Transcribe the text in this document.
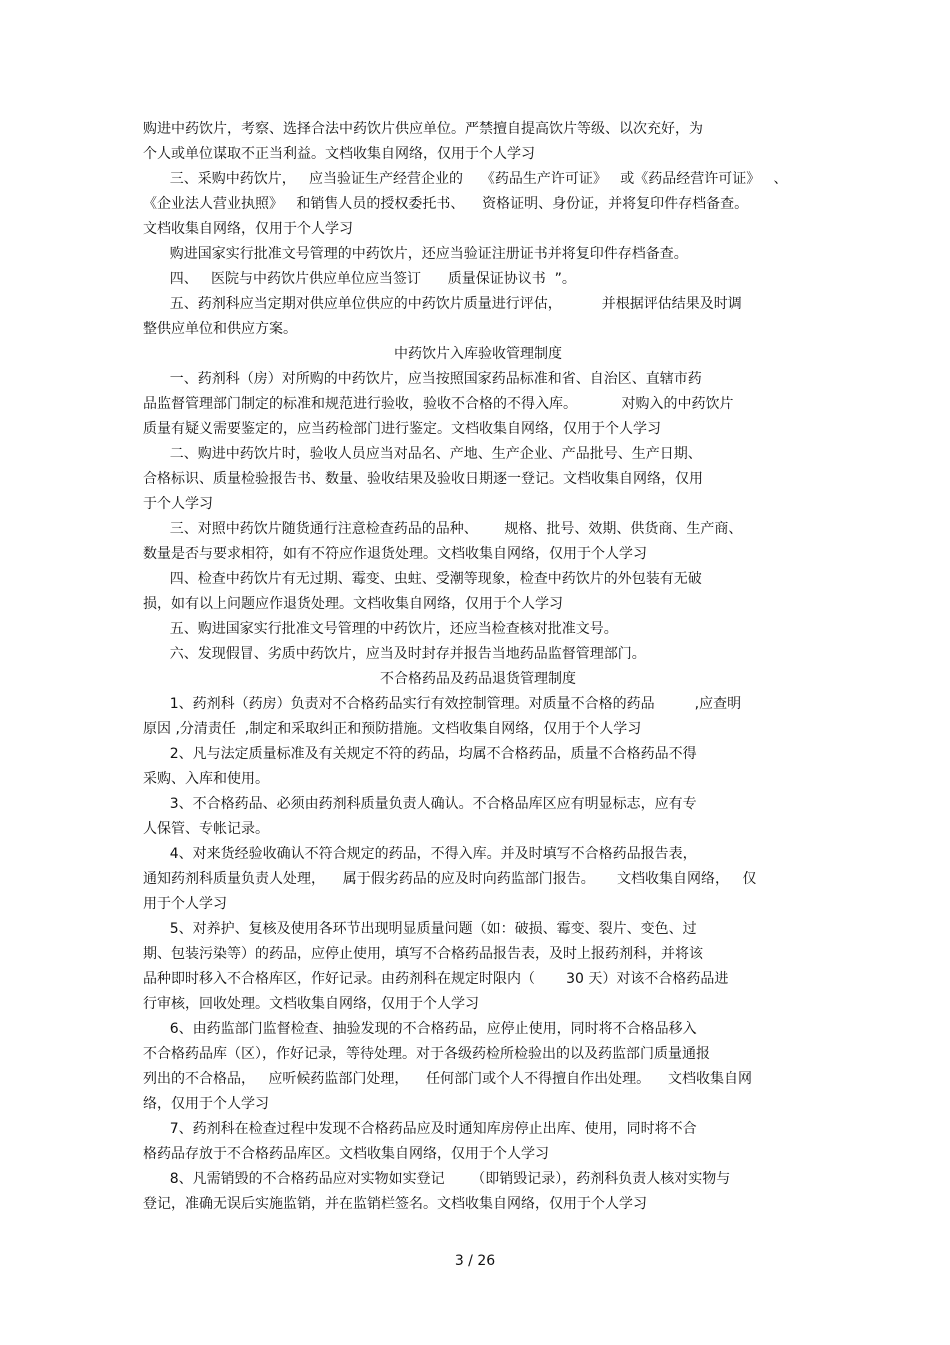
购进中药饮片，考察、选择合法中药饮片供应单位。严禁擅自提高饮片等级、以次充好，为
个人或单位谋取不正当利益。文档收集自网络，仅用于个人学习
三、采购中药饮片，   应当验证生产经营企业的    《药品生产许可证》   或《药品经营许可证》   、
《企业法人营业执照》   和销售人员的授权委托书、    资格证明、身份证，并将复印件存档备查。
文档收集自网络，仅用于个人学习
购进国家实行批准文号管理的中药饮片，还应当验证注册证书并将复印件存档备查。
四、   医院与中药饮片供应单位应当签订      质量保证协议书  ”。
五、药剂科应当定期对供应单位供应的中药饮片质量进行评估，         并根据评估结果及时调
整供应单位和供应方案。

中药饮片入库验收管理制度

一、药剂科（房）对所购的中药饮片，应当按照国家药品标准和省、自治区、直辖市药
品监督管理部门制定的标准和规范进行验收，验收不合格的不得入库。          对购入的中药饮片
质量有疑义需要鉴定的，应当药检部门进行鉴定。文档收集自网络，仅用于个人学习
二、购进中药饮片时，验收人员应当对品名、产地、生产企业、产品批号、生产日期、
合格标识、质量检验报告书、数量、验收结果及验收日期逐一登记。文档收集自网络，仅用
于个人学习
三、对照中药饮片随货通行注意检查药品的品种、      规格、批号、效期、供货商、生产商、
数量是否与要求相符，如有不符应作退货处理。文档收集自网络，仅用于个人学习
四、检查中药饮片有无过期、霉变、虫蛀、受潮等现象，检查中药饮片的外包装有无破
损，如有以上问题应作退货处理。文档收集自网络，仅用于个人学习
五、购进国家实行批准文号管理的中药饮片，还应当检查核对批准文号。
六、发现假冒、劣质中药饮片，应当及时封存并报告当地药品监督管理部门。

不合格药品及药品退货管理制度

1、药剂科（药房）负责对不合格药品实行有效控制管理。对质量不合格的药品         ,应查明
原因 ,分清责任  ,制定和采取纠正和预防措施。文档收集自网络，仅用于个人学习
2、凡与法定质量标准及有关规定不符的药品，均属不合格药品，质量不合格药品不得
采购、入库和使用。
3、不合格药品、必须由药剂科质量负责人确认。不合格品库区应有明显标志，应有专
人保管、专帐记录。
4、对来货经验收确认不符合规定的药品，不得入库。并及时填写不合格药品报告表，
通知药剂科质量负责人处理，    属于假劣药品的应及时向药监部门报告。     文档收集自网络，   仅
用于个人学习
5、对养护、复核及使用各环节出现明显质量问题（如：破损、霉变、裂片、变色、过
期、包装污染等）的药品，应停止使用，填写不合格药品报告表，及时上报药剂科，并将该
品种即时移入不合格库区，作好记录。由药剂科在规定时限内（       30 天）对该不合格药品进
行审核，回收处理。文档收集自网络，仅用于个人学习
6、由药监部门监督检查、抽验发现的不合格药品，应停止使用，同时将不合格品移入
不合格药品库（区），作好记录，等待处理。对于各级药检所检验出的以及药监部门质量通报
列出的不合格品，   应听候药监部门处理，    任何部门或个人不得擅自作出处理。    文档收集自网
络，仅用于个人学习
7、药剂科在检查过程中发现不合格药品应及时通知库房停止出库、使用，同时将不合
格药品存放于不合格药品库区。文档收集自网络，仅用于个人学习
8、凡需销毁的不合格药品应对实物如实登记      （即销毁记录），药剂科负责人核对实物与
登记，准确无误后实施监销，并在监销栏签名。文档收集自网络，仅用于个人学习
3 / 26
